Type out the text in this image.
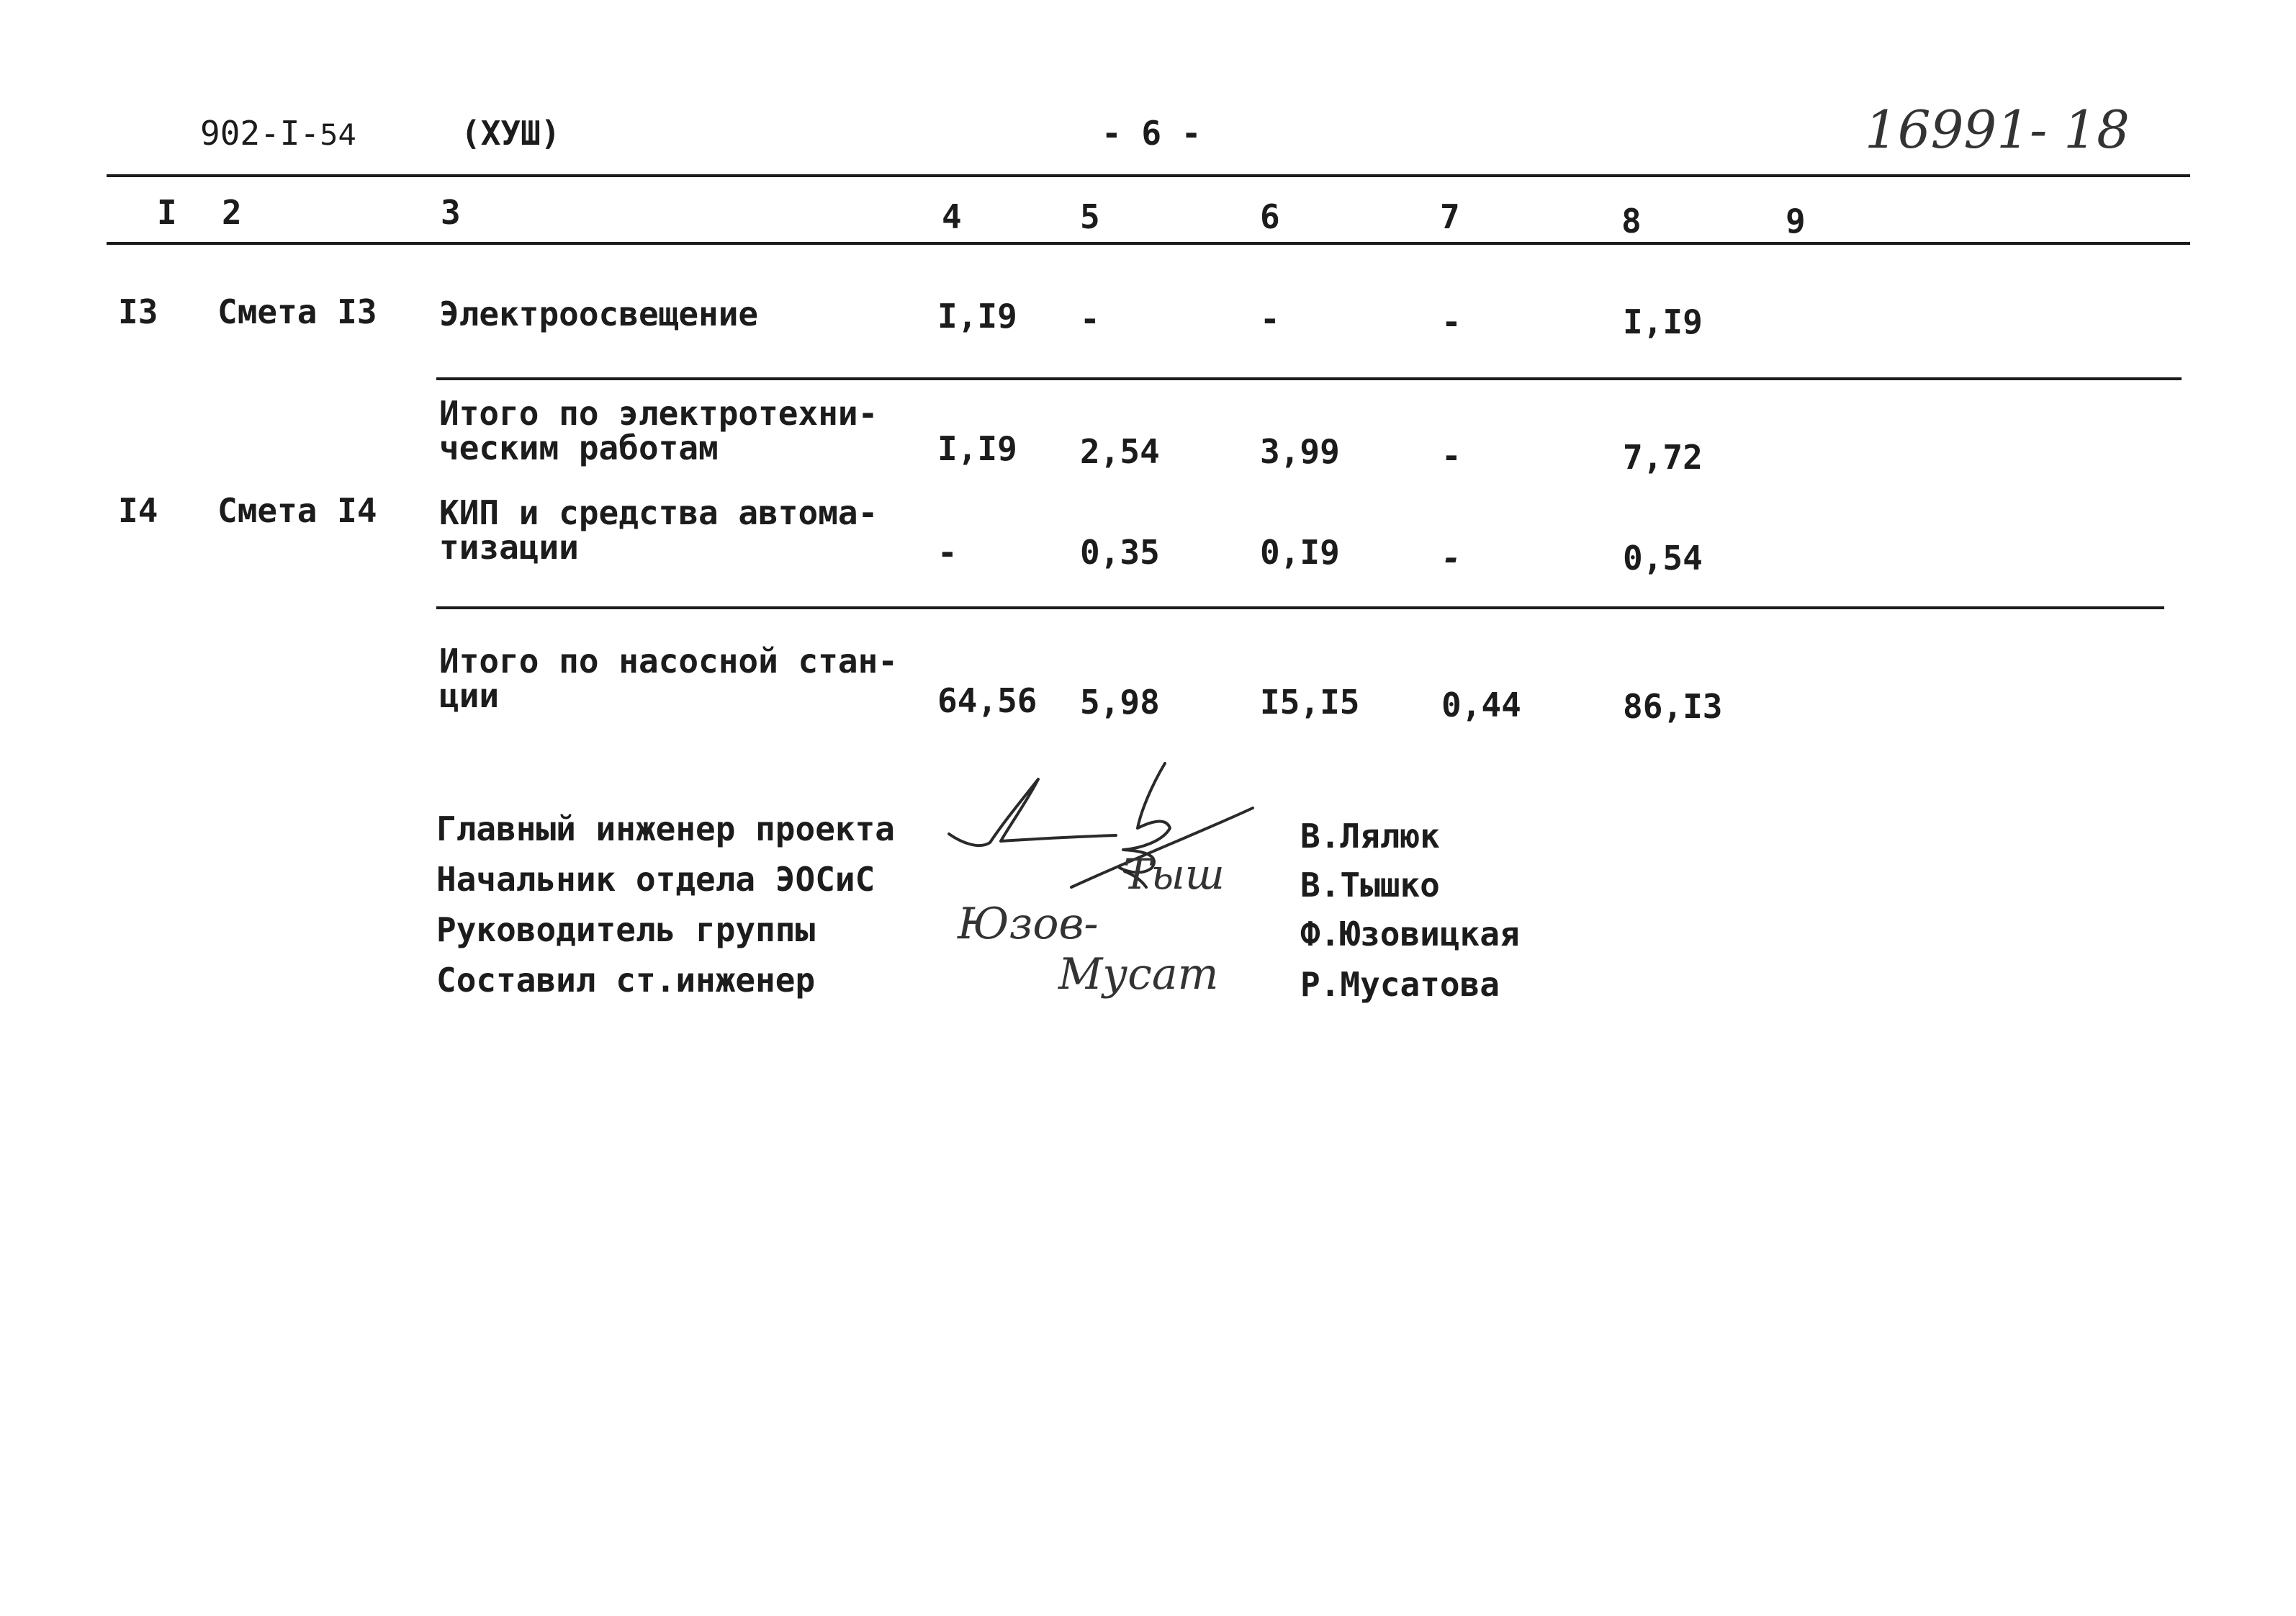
902-I-54	(ХУШ)	- 6 -	16991- 18
I 2	3	4	5	6	7	8	9
I3 Смета I3 Электроосвещение	I,I9 -	-	-	I,I9
Итого по электротехни-
ческим работам	I,I9 2,54	3,99	-	7,72
I4 Смета I4 КИП и средства автома-
тизации	-	0,35	0,I9	-	0,54
Итого по насосной стан-
ции	64,56 5,98	I5,I5 0,44	86,I3
Главный инженер проекта
Начальник отдела ЭОСиС
Руководитель группы
Составил ст.инженер
В.Лялюк
В.Тышко
Ф.Юзовицкая
Р.Мусатова
Тыш
Юзов-
Мусат
